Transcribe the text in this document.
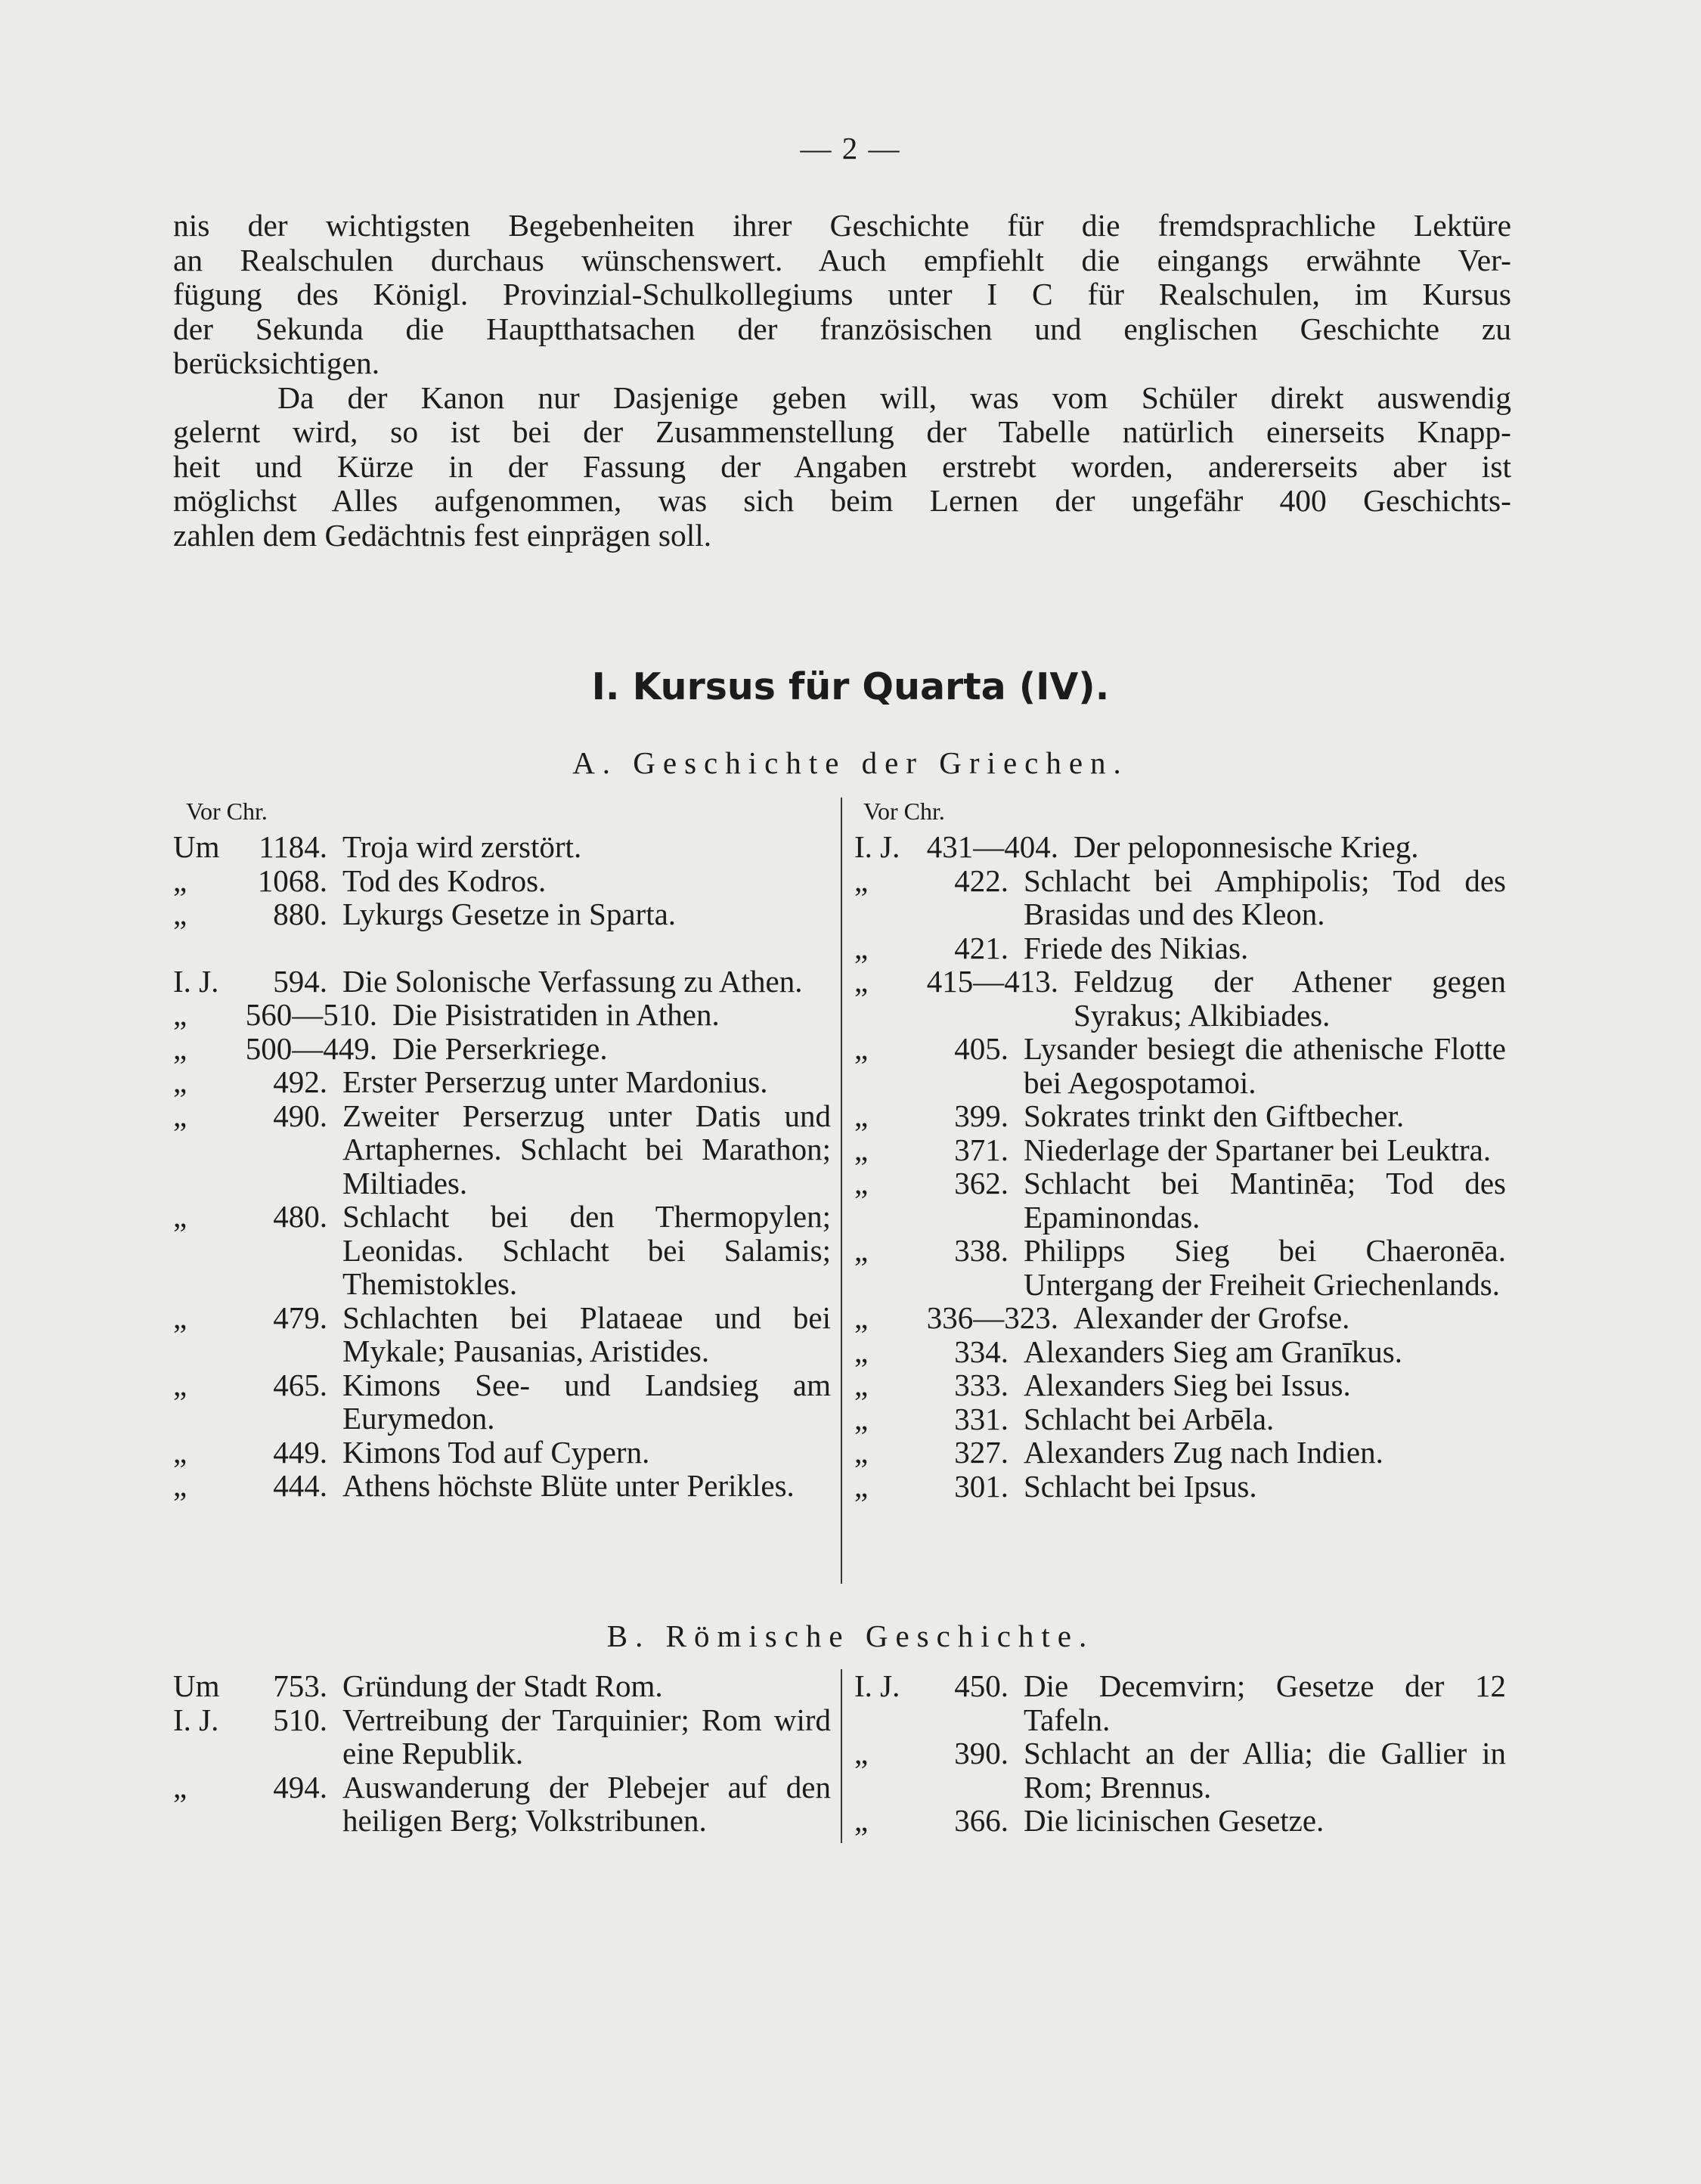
— 2 —
nis der wichtigsten Begebenheiten ihrer Geschichte für die fremdsprachliche Lektüre
an Realschulen durchaus wünschenswert. Auch empfiehlt die eingangs erwähnte Ver-
fügung des Königl. Provinzial-Schulkollegiums unter I C für Realschulen, im Kursus
der Sekunda die Hauptthatsachen der französischen und englischen Geschichte zu
berücksichtigen.
Da der Kanon nur Dasjenige geben will, was vom Schüler direkt auswendig
gelernt wird, so ist bei der Zusammenstellung der Tabelle natürlich einerseits Knapp-
heit und Kürze in der Fassung der Angaben erstrebt worden, andererseits aber ist
möglichst Alles aufgenommen, was sich beim Lernen der ungefähr 400 Geschichts-
zahlen dem Gedächtnis fest einprägen soll.
I. Kursus für Quarta (IV).
A. Geschichte der Griechen.
Vor Chr.	Vor Chr.
Um	1184. Troja wird zerstört.
„	1068. Tod des Kodros.
„	880. Lykurgs Gesetze in Sparta.
I. J.	594. Die Solonische Verfassung zu Athen.
„	560—510. Die Pisistratiden in Athen.
„	500—449. Die Perserkriege.
„	492. Erster Perserzug unter Mardonius.
„	490. Zweiter Perserzug unter Datis und Artaphernes. Schlacht bei Marathon; Miltiades.
„	480. Schlacht bei den Thermopylen; Leonidas. Schlacht bei Salamis; Themistokles.
„	479. Schlachten bei Plataeae und bei Mykale; Pausanias, Aristides.
„	465. Kimons See- und Landsieg am Eurymedon.
„	449. Kimons Tod auf Cypern.
„	444. Athens höchste Blüte unter Perikles.
I. J. 431—404. Der peloponnesische Krieg.
„	422. Schlacht bei Amphipolis; Tod des Brasidas und des Kleon.
„	421. Friede des Nikias.
„	415—413. Feldzug der Athener gegen Syrakus; Alkibiades.
„	405. Lysander besiegt die athenische Flotte bei Aegospotamoi.
„	399. Sokrates trinkt den Giftbecher.
„	371. Niederlage der Spartaner bei Leuktra.
„	362. Schlacht bei Mantinēa; Tod des Epaminondas.
„	338. Philipps Sieg bei Chaeronēa. Untergang der Freiheit Griechenlands.
„	336—323. Alexander der Grofse.
„	334. Alexanders Sieg am Granīkus.
„	333. Alexanders Sieg bei Issus.
„	331. Schlacht bei Arbēla.
„	327. Alexanders Zug nach Indien.
„	301. Schlacht bei Ipsus.
B. Römische Geschichte.
Um	753. Gründung der Stadt Rom.
I. J.	510. Vertreibung der Tarquinier; Rom wird eine Republik.
„	494. Auswanderung der Plebejer auf den heiligen Berg; Volkstribunen.
I. J.	450. Die Decemvirn; Gesetze der 12 Tafeln.
„	390. Schlacht an der Allia; die Gallier in Rom; Brennus.
„	366. Die licinischen Gesetze.
